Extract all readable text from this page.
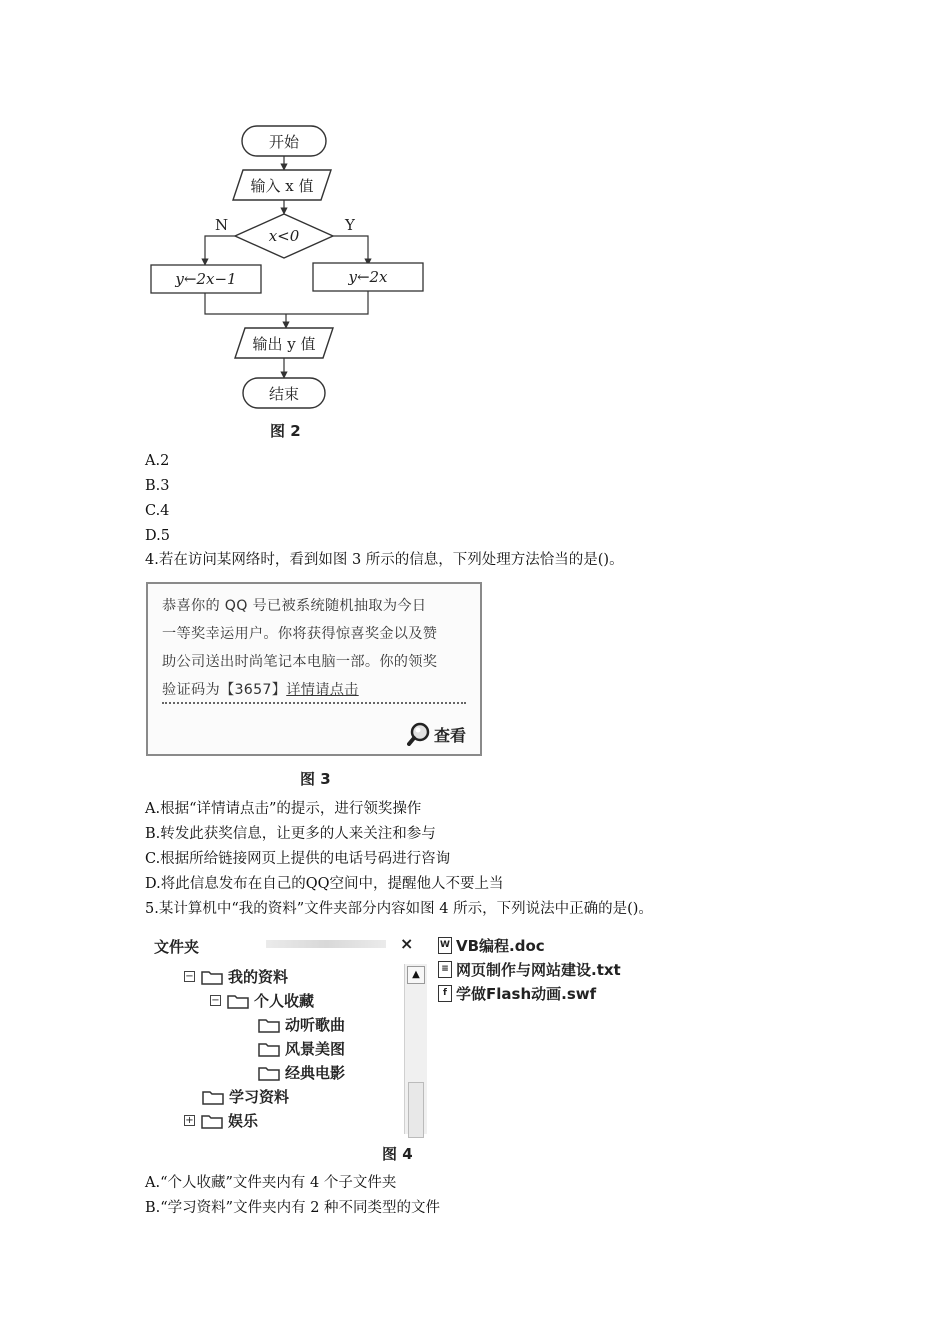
开始
输入 x 值
x<0
N	Y
y←2x−1	y←2x
输出 y 值
结束
图 2
A.2
B.3
C.4
D.5
4.若在访问某网络时，看到如图 3 所示的信息，下列处理方法恰当的是()。
恭喜你的 QQ 号已被系统随机抽取为今日
一等奖幸运用户。你将获得惊喜奖金以及赞
助公司送出时尚笔记本电脑一部。你的领奖
验证码为【3657】详情请点击
查看
图 3
A.根据“详情请点击”的提示，进行领奖操作
B.转发此获奖信息，让更多的人来关注和参与
C.根据所给链接网页上提供的电话号码进行咨询
D.将此信息发布在自己的QQ空间中，提醒他人不要上当
5.某计算机中“我的资料”文件夹部分内容如图 4 所示，下列说法中正确的是()。
文件夹	×
− 我的资料
− 个人收藏
动听歌曲
风景美图
经典电影
学习资料
+ 娱乐
▲
W VB编程.doc
≡ 网页制作与网站建设.txt
f 学做Flash动画.swf
图 4
A.“个人收藏”文件夹内有 4 个子文件夹
B.“学习资料”文件夹内有 2 种不同类型的文件
